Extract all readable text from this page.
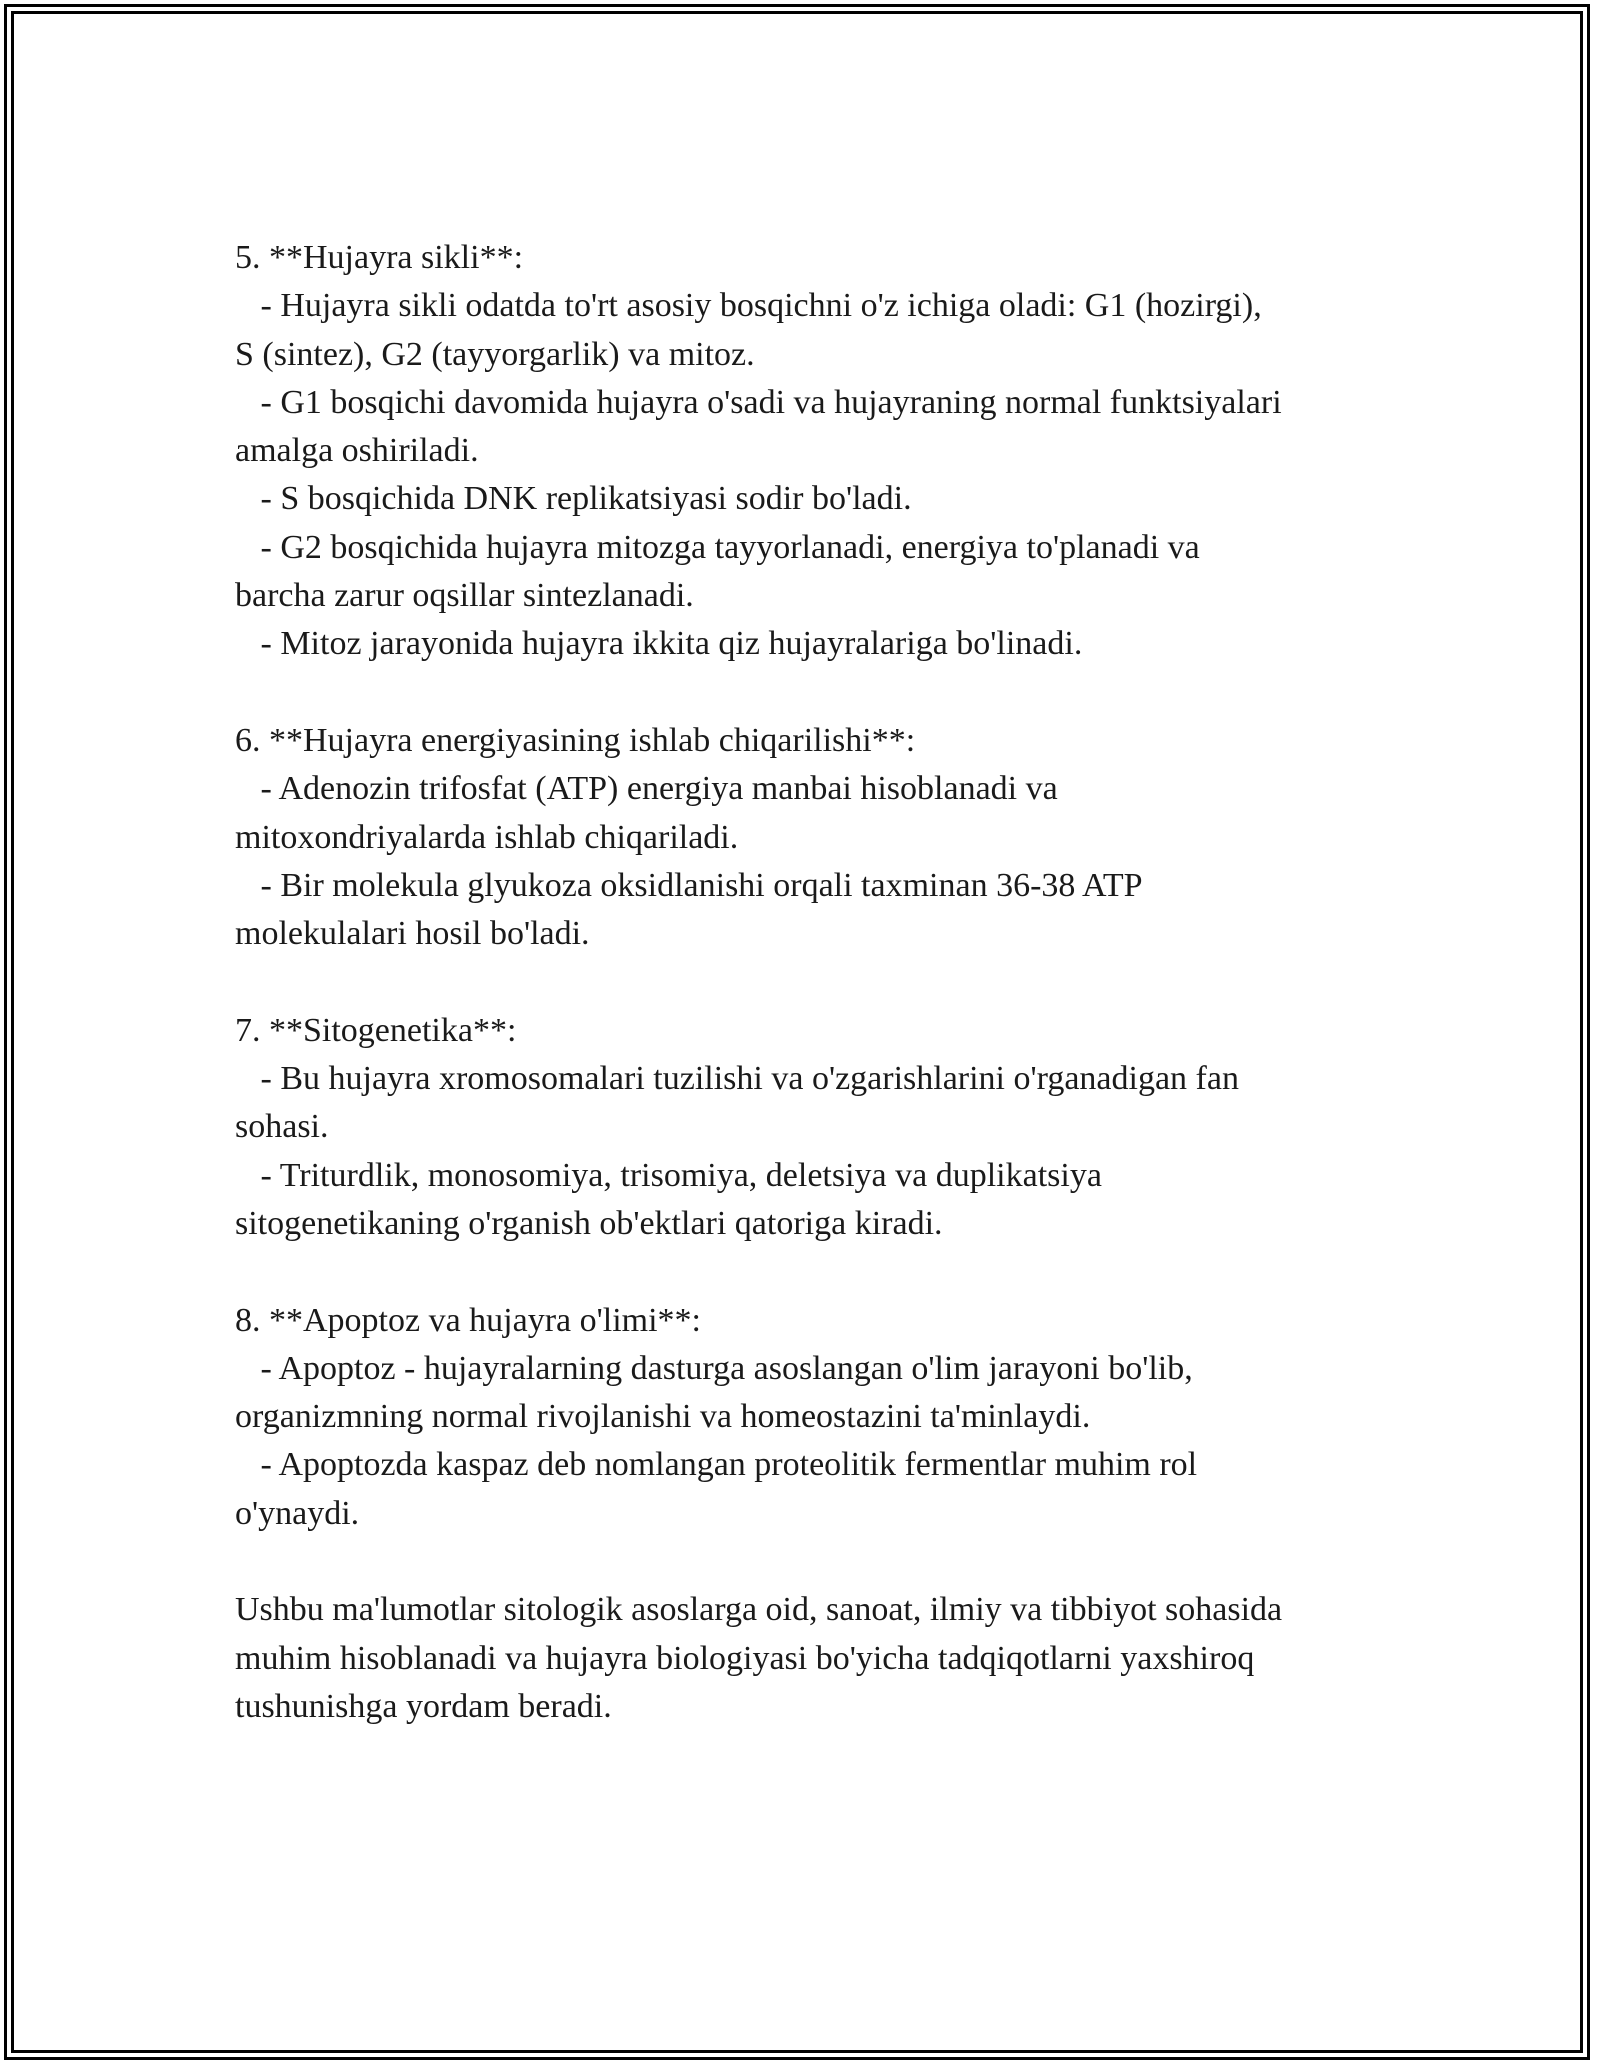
5. **Hujayra sikli**:
- Hujayra sikli odatda to'rt asosiy bosqichni o'z ichiga oladi: G1 (hozirgi),
S (sintez), G2 (tayyorgarlik) va mitoz.
- G1 bosqichi davomida hujayra o'sadi va hujayraning normal funktsiyalari
amalga oshiriladi.
- S bosqichida DNK replikatsiyasi sodir bo'ladi.
- G2 bosqichida hujayra mitozga tayyorlanadi, energiya to'planadi va
barcha zarur oqsillar sintezlanadi.
- Mitoz jarayonida hujayra ikkita qiz hujayralariga bo'linadi.
6. **Hujayra energiyasining ishlab chiqarilishi**:
- Adenozin trifosfat (ATP) energiya manbai hisoblanadi va
mitoxondriyalarda ishlab chiqariladi.
- Bir molekula glyukoza oksidlanishi orqali taxminan 36-38 ATP
molekulalari hosil bo'ladi.
7. **Sitogenetika**:
- Bu hujayra xromosomalari tuzilishi va o'zgarishlarini o'rganadigan fan
sohasi.
- Triturdlik, monosomiya, trisomiya, deletsiya va duplikatsiya
sitogenetikaning o'rganish ob'ektlari qatoriga kiradi.
8. **Apoptoz va hujayra o'limi**:
- Apoptoz - hujayralarning dasturga asoslangan o'lim jarayoni bo'lib,
organizmning normal rivojlanishi va homeostazini ta'minlaydi.
- Apoptozda kaspaz deb nomlangan proteolitik fermentlar muhim rol
o'ynaydi.
Ushbu ma'lumotlar sitologik asoslarga oid, sanoat, ilmiy va tibbiyot sohasida
muhim hisoblanadi va hujayra biologiyasi bo'yicha tadqiqotlarni yaxshiroq
tushunishga yordam beradi.
